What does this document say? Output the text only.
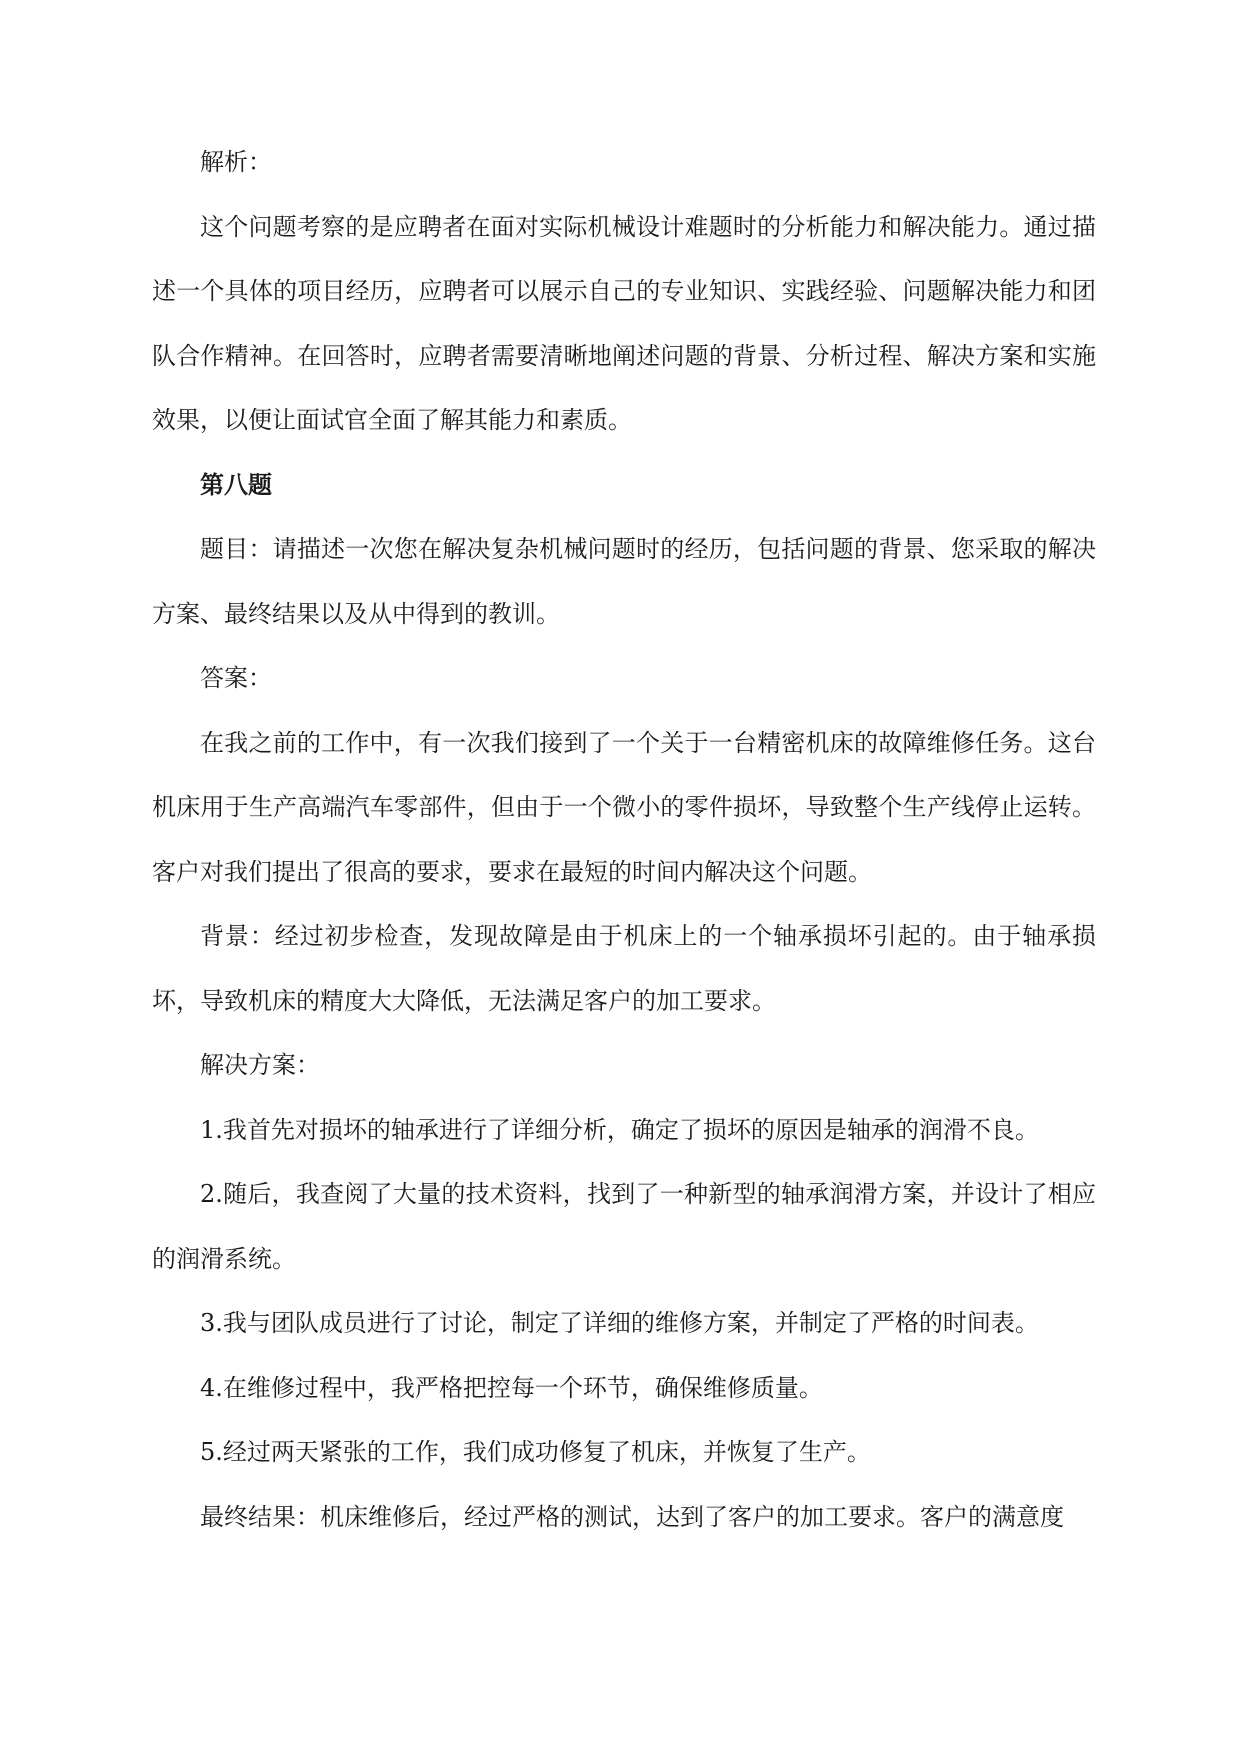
解析：

这个问题考察的是应聘者在面对实际机械设计难题时的分析能力和解决能力。通过描述一个具体的项目经历，应聘者可以展示自己的专业知识、实践经验、问题解决能力和团队合作精神。在回答时，应聘者需要清晰地阐述问题的背景、分析过程、解决方案和实施效果，以便让面试官全面了解其能力和素质。

第八题

题目：请描述一次您在解决复杂机械问题时的经历，包括问题的背景、您采取的解决方案、最终结果以及从中得到的教训。

答案：

在我之前的工作中，有一次我们接到了一个关于一台精密机床的故障维修任务。这台机床用于生产高端汽车零部件，但由于一个微小的零件损坏，导致整个生产线停止运转。客户对我们提出了很高的要求，要求在最短的时间内解决这个问题。

背景：经过初步检查，发现故障是由于机床上的一个轴承损坏引起的。由于轴承损坏，导致机床的精度大大降低，无法满足客户的加工要求。

解决方案：

1.我首先对损坏的轴承进行了详细分析，确定了损坏的原因是轴承的润滑不良。

2.随后，我查阅了大量的技术资料，找到了一种新型的轴承润滑方案，并设计了相应的润滑系统。

3.我与团队成员进行了讨论，制定了详细的维修方案，并制定了严格的时间表。

4.在维修过程中，我严格把控每一个环节，确保维修质量。

5.经过两天紧张的工作，我们成功修复了机床，并恢复了生产。

最终结果：机床维修后，经过严格的测试，达到了客户的加工要求。客户的满意度
